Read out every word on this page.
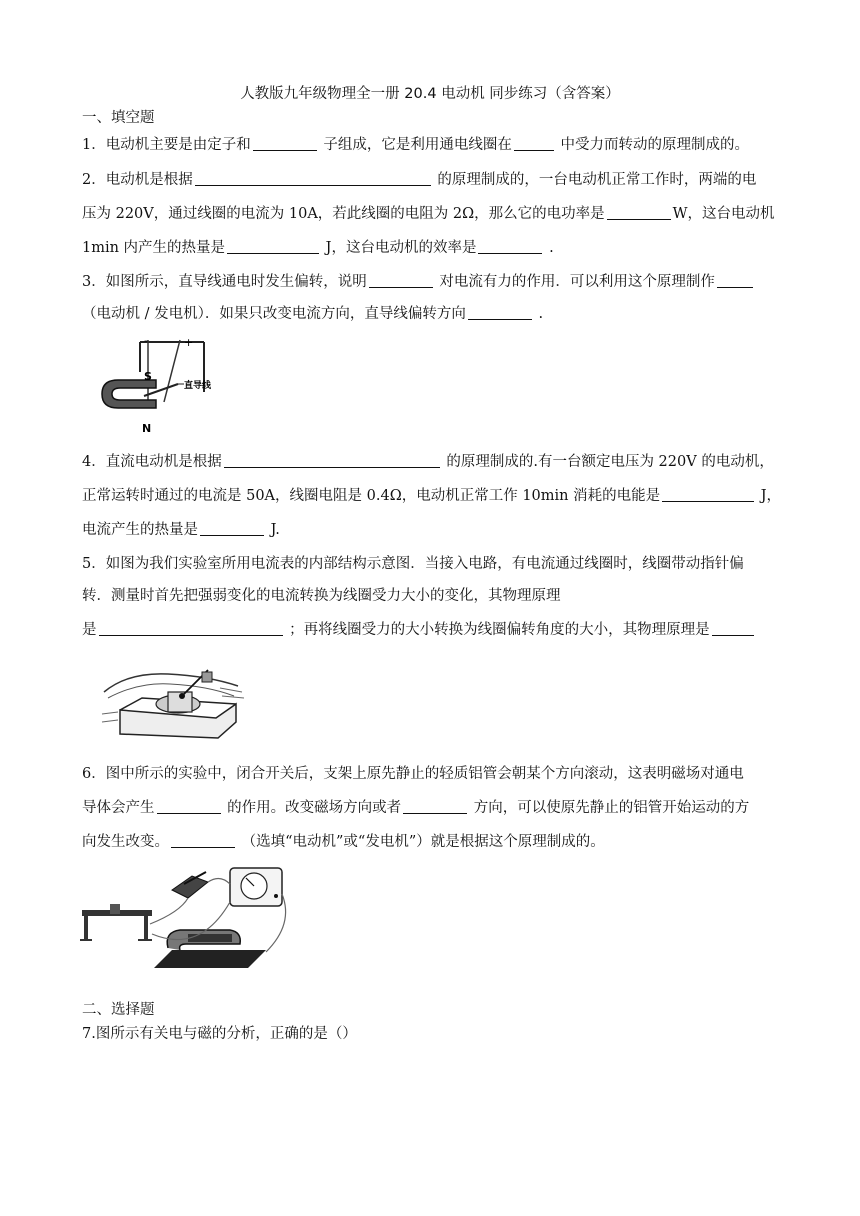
人教版九年级物理全一册 20.4 电动机 同步练习（含答案）
一、填空题
1．电动机主要是由定子和	子组成，它是利用通电线圈在	中受力而转动的原理制成的。
2．电动机是根据	的原理制成的，一台电动机正常工作时，两端的电
压为 220V，通过线圈的电流为 10A，若此线圈的电阻为 2Ω，那么它的电功率是	W，这台电动机
1min 内产生的热量是	J，这台电动机的效率是	.
3．如图所示，直导线通电时发生偏转，说明	对电流有力的作用．可以利用这个原理制作
（电动机 / 发电机）．如果只改变电流方向，直导线偏转方向	.
-	+
S
N
直导线
4．直流电动机是根据	的原理制成的.有一台额定电压为 220V 的电动机，
正常运转时通过的电流是 50A，线圈电阻是 0.4Ω，电动机正常工作 10min 消耗的电能是	J，
电流产生的热量是	J.
5．如图为我们实验室所用电流表的内部结构示意图．当接入电路，有电流通过线圈时，线圈带动指针偏
转．测量时首先把强弱变化的电流转换为线圈受力大小的变化，其物理原理
是	；再将线圈受力的大小转换为线圈偏转角度的大小，其物理原理是
6．图中所示的实验中，闭合开关后，支架上原先静止的轻质铝管会朝某个方向滚动，这表明磁场对通电
导体会产生	的作用。改变磁场方向或者	方向，可以使原先静止的铝管开始运动的方
向发生改变。	（选填“电动机”或“发电机”）就是根据这个原理制成的。
二、选择题
7.图所示有关电与磁的分析，正确的是（）
